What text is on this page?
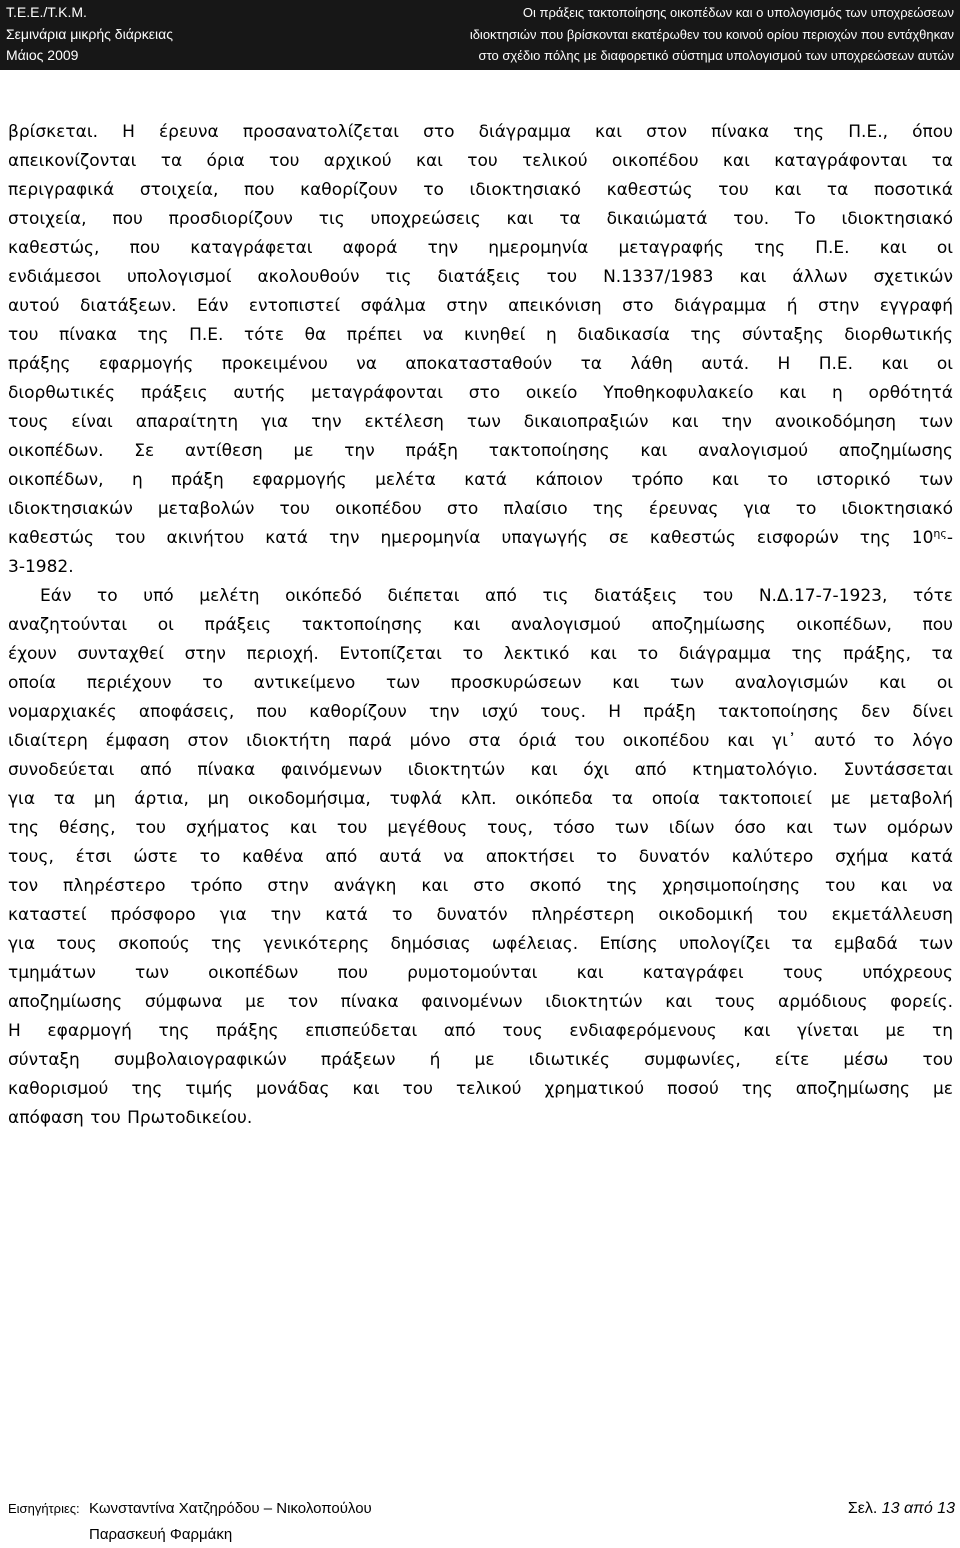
Τ.Ε.Ε./Τ.Κ.Μ.
Σεμινάρια μικρής διάρκειας
Μάιος 2009
Οι πράξεις τακτοποίησης οικοπέδων και ο υπολογισμός των υποχρεώσεων
ιδιοκτησιών που βρίσκονται εκατέρωθεν του κοινού ορίου περιοχών που εντάχθηκαν
στο σχέδιο πόλης με διαφορετικό σύστημα υπολογισμού των υποχρεώσεων αυτών
βρίσκεται. Η έρευνα προσανατολίζεται στο διάγραμμα και στον πίνακα της Π.Ε., όπου
απεικονίζονται τα όρια του αρχικού και του τελικού οικοπέδου και καταγράφονται τα
περιγραφικά στοιχεία, που καθορίζουν το ιδιοκτησιακό καθεστώς του και τα ποσοτικά
στοιχεία, που προσδιορίζουν τις υποχρεώσεις και τα δικαιώματά του. Το ιδιοκτησιακό
καθεστώς, που καταγράφεται αφορά την ημερομηνία μεταγραφής της Π.Ε. και οι
ενδιάμεσοι υπολογισμοί ακολουθούν τις διατάξεις του Ν.1337/1983 και άλλων σχετικών
αυτού διατάξεων. Εάν εντοπιστεί σφάλμα στην απεικόνιση στο διάγραμμα ή στην εγγραφή
του πίνακα της Π.Ε. τότε θα πρέπει να κινηθεί η διαδικασία της σύνταξης διορθωτικής
πράξης εφαρμογής προκειμένου να αποκατασταθούν τα λάθη αυτά. Η Π.Ε. και οι
διορθωτικές πράξεις αυτής μεταγράφονται στο οικείο Υποθηκοφυλακείο και η ορθότητά
τους είναι απαραίτητη για την εκτέλεση των δικαιοπραξιών και την ανοικοδόμηση των
οικοπέδων. Σε αντίθεση με την πράξη τακτοποίησης και αναλογισμού αποζημίωσης
οικοπέδων, η πράξη εφαρμογής μελέτα κατά κάποιον τρόπο και το ιστορικό των
ιδιοκτησιακών μεταβολών του οικοπέδου στο πλαίσιο της έρευνας για το ιδιοκτησιακό
καθεστώς του ακινήτου κατά την ημερομηνία υπαγωγής σε καθεστώς εισφορών της $10^{\eta\varsigma}-$
3-1982.
Εάν το υπό μελέτη οικόπεδό διέπεται από τις διατάξεις του Ν.Δ.17-7-1923, τότε
αναζητούνται οι πράξεις τακτοποίησης και αναλογισμού αποζημίωσης οικοπέδων, που
έχουν συνταχθεί στην περιοχή. Εντοπίζεται το λεκτικό και το διάγραμμα της πράξης, τα
οποία περιέχουν το αντικείμενο των προσκυρώσεων και των αναλογισμών και οι
νομαρχιακές αποφάσεις, που καθορίζουν την ισχύ τους. Η πράξη τακτοποίησης δεν δίνει
ιδιαίτερη έμφαση στον ιδιοκτήτη παρά μόνο στα όριά του οικοπέδου και γι᾽ αυτό το λόγο
συνοδεύεται από πίνακα φαινόμενων ιδιοκτητών και όχι από κτηματολόγιο. Συντάσσεται
για τα μη άρτια, μη οικοδομήσιμα, τυφλά κλπ. οικόπεδα τα οποία τακτοποιεί με μεταβολή
της θέσης, του σχήματος και του μεγέθους τους, τόσο των ιδίων όσο και των ομόρων
τους, έτσι ώστε το καθένα από αυτά να αποκτήσει το δυνατόν καλύτερο σχήμα κατά
τον πληρέστερο τρόπο στην ανάγκη και στο σκοπό της χρησιμοποίησης του και να
καταστεί πρόσφορο για την κατά το δυνατόν πληρέστερη οικοδομική του εκμετάλλευση
για τους σκοπούς της γενικότερης δημόσιας ωφέλειας. Επίσης υπολογίζει τα εμβαδά των
τμημάτων των οικοπέδων που ρυμοτομούνται και καταγράφει τους υπόχρεους
αποζημίωσης σύμφωνα με τον πίνακα φαινομένων ιδιοκτητών και τους αρμόδιους φορείς.
Η εφαρμογή της πράξης επισπεύδεται από τους ενδιαφερόμενους και γίνεται με τη
σύνταξη συμβολαιογραφικών πράξεων ή με ιδιωτικές συμφωνίες, είτε μέσω του
καθορισμού της τιμής μονάδας και του τελικού χρηματικού ποσού της αποζημίωσης με
απόφαση του Πρωτοδικείου.
Εισηγήτριες: Κωνσταντίνα Χατζηρόδου – Νικολοπούλου
Παρασκευή Φαρμάκη
Σελ. 13 από 13
